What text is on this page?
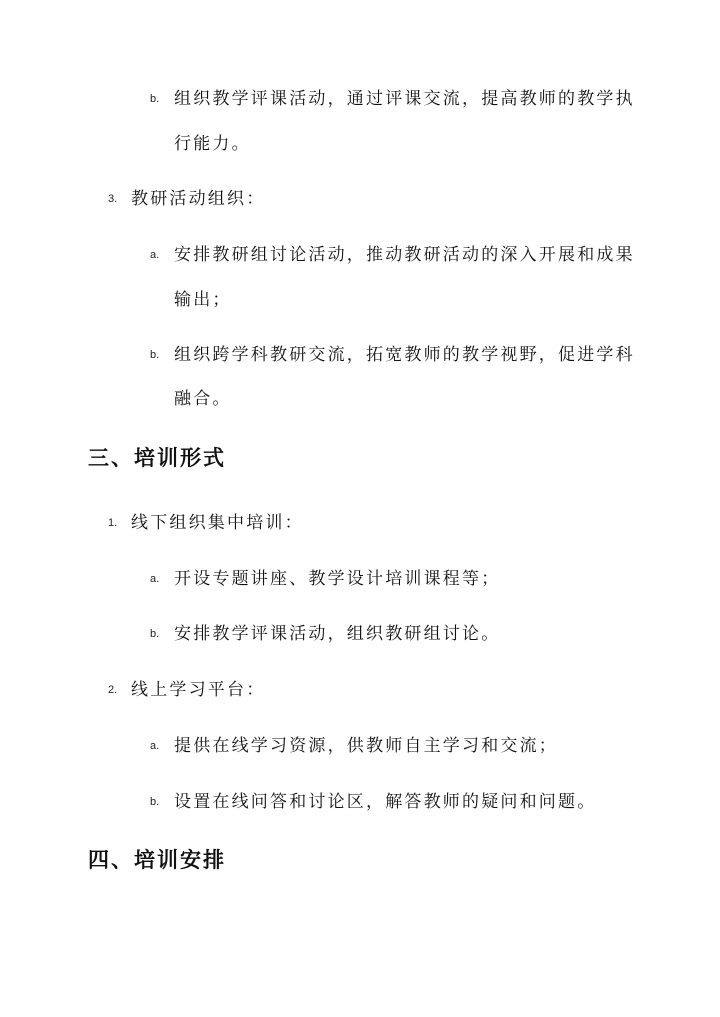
b. 组织教学评课活动，通过评课交流，提高教师的教学执
行能力。
3. 教研活动组织：
a. 安排教研组讨论活动，推动教研活动的深入开展和成果
输出；
b. 组织跨学科教研交流，拓宽教师的教学视野，促进学科
融合。
三、培训形式
1. 线下组织集中培训：
a. 开设专题讲座、教学设计培训课程等；
b. 安排教学评课活动，组织教研组讨论。
2. 线上学习平台：
a. 提供在线学习资源，供教师自主学习和交流；
b. 设置在线问答和讨论区，解答教师的疑问和问题。
四、培训安排
